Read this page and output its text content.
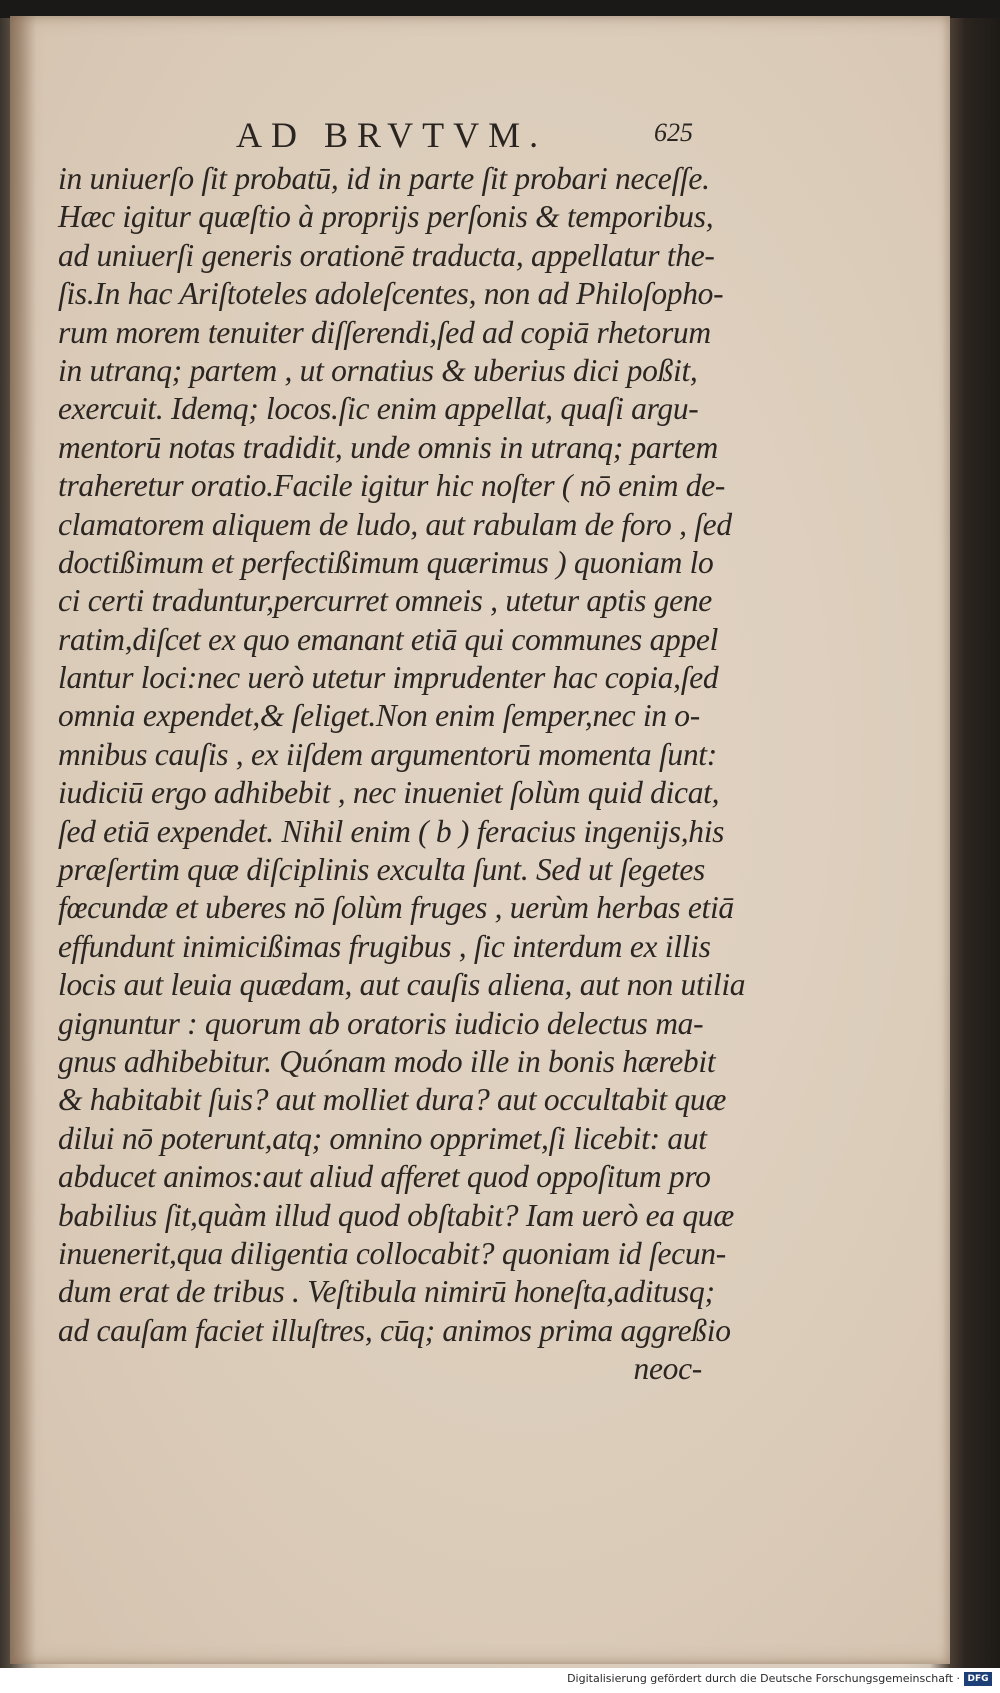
AD BRVTVM.	625
in uniuerſo ſit probatū, id in parte ſit probari neceſſe.
Hæc igitur quæſtio à proprijs perſonis & temporibus,
ad uniuerſi generis orationē traducta, appellatur the-
ſis.In hac Ariſtoteles adoleſcentes, non ad Philoſopho-
rum morem tenuiter diſſerendi,ſed ad copiā rhetorum
in utranq; partem , ut ornatius & uberius dici poßit,
exercuit. Idemq; locos.ſic enim appellat, quaſi argu-
mentorū notas tradidit, unde omnis in utranq; partem
traheretur oratio.Facile igitur hic noſter ( nō enim de-
clamatorem aliquem de ludo, aut rabulam de foro , ſed
doctißimum et perfectißimum quærimus ) quoniam lo
ci certi traduntur,percurret omneis , utetur aptis gene
ratim,diſcet ex quo emanant etiā qui communes appel
lantur loci:nec uerò utetur imprudenter hac copia,ſed
omnia expendet,& ſeliget.Non enim ſemper,nec in o-
mnibus cauſis , ex iiſdem argumentorū momenta ſunt:
iudiciū ergo adhibebit , nec inueniet ſolùm quid dicat,
ſed etiā expendet. Nihil enim ( b ) feracius ingenijs,his
præſertim quæ diſciplinis exculta ſunt. Sed ut ſegetes
fœcundæ et uberes nō ſolùm fruges , uerùm herbas etiā
effundunt inimicißimas frugibus , ſic interdum ex illis
locis aut leuia quædam, aut cauſis aliena, aut non utilia
gignuntur : quorum ab oratoris iudicio delectus ma-
gnus adhibebitur. Quónam modo ille in bonis hærebit
& habitabit ſuis? aut molliet dura? aut occultabit quæ
dilui nō poterunt,atq; omnino opprimet,ſi licebit: aut
abducet animos:aut aliud afferet quod oppoſitum pro
babilius ſit,quàm illud quod obſtabit? Iam uerò ea quæ
inuenerit,qua diligentia collocabit? quoniam id ſecun-
dum erat de tribus . Veſtibula nimirū honeſta,aditusq;
ad cauſam faciet illuſtres, cūq; animos prima aggreßio
neoc-
Digitalisierung gefördert durch die Deutsche Forschungsgemeinschaft · DFG
